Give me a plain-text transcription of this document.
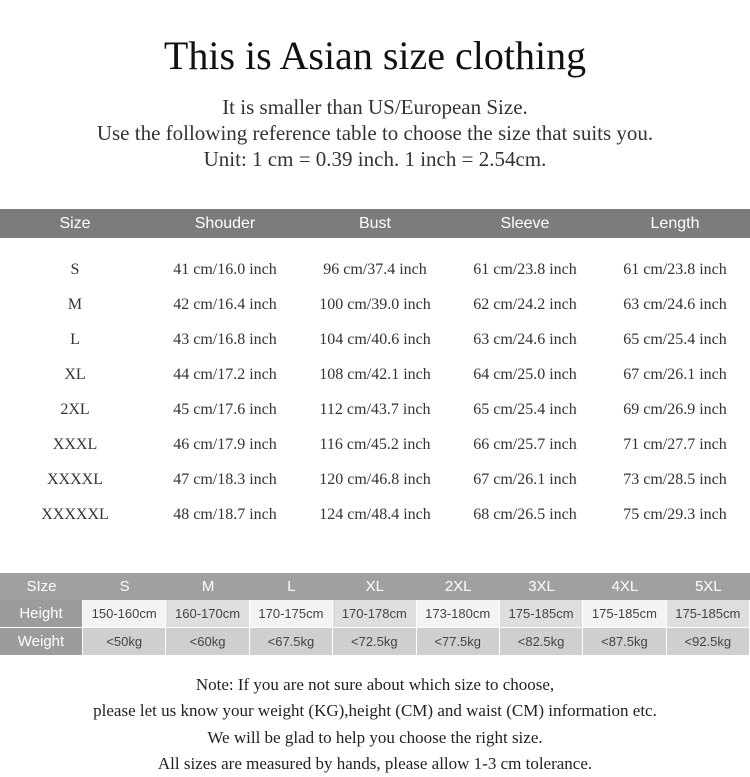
This is Asian size clothing
It is smaller than US/European Size.
Use the following reference table to choose the size that suits you.
Unit: 1 cm = 0.39 inch. 1 inch = 2.54cm.
Size	Shouder	Bust	Sleeve	Length
S	41 cm/16.0 inch	96 cm/37.4 inch	61 cm/23.8 inch	61 cm/23.8 inch
M	42 cm/16.4 inch	100 cm/39.0 inch	62 cm/24.2 inch	63 cm/24.6 inch
L	43 cm/16.8 inch	104 cm/40.6 inch	63 cm/24.6 inch	65 cm/25.4 inch
XL	44 cm/17.2 inch	108 cm/42.1 inch	64 cm/25.0 inch	67 cm/26.1 inch
2XL	45 cm/17.6 inch	112 cm/43.7 inch	65 cm/25.4 inch	69 cm/26.9 inch
XXXL	46 cm/17.9 inch	116 cm/45.2 inch	66 cm/25.7 inch	71 cm/27.7 inch
XXXXL	47 cm/18.3 inch	120 cm/46.8 inch	67 cm/26.1 inch	73 cm/28.5 inch
XXXXXL	48 cm/18.7 inch	124 cm/48.4 inch	68 cm/26.5 inch	75 cm/29.3 inch
SIze	S	M	L	XL	2XL	3XL	4XL	5XL
Height	150-160cm	160-170cm	170-175cm	170-178cm	173-180cm	175-185cm	175-185cm	175-185cm
Weight	<50kg	<60kg	<67.5kg	<72.5kg	<77.5kg	<82.5kg	<87.5kg	<92.5kg
Note: If you are not sure about which size to choose,
please let us know your weight (KG),height (CM) and waist (CM) information etc.
We will be glad to help you choose the right size.
All sizes are measured by hands, please allow 1-3 cm tolerance.
